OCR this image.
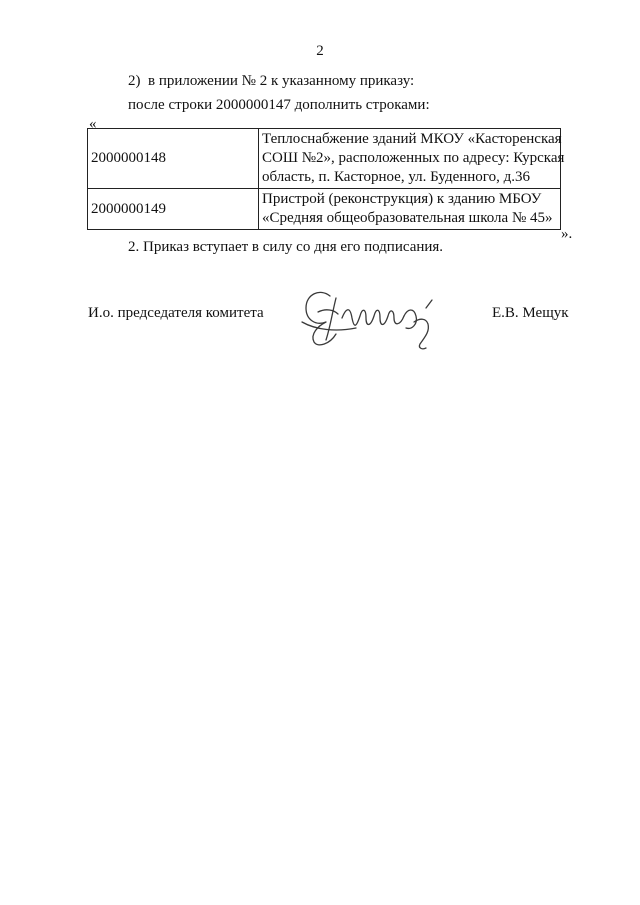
2
2) в приложении № 2 к указанному приказу:
после строки 2000000147 дополнить строками:
«
2000000148	Теплоснабжение зданий МКОУ «Касторенская
СОШ №2», расположенных по адресу: Курская
область, п. Касторное, ул. Буденного, д.36

2000000149	Пристрой (реконструкция) к зданию МБОУ
«Средняя общеобразовательная школа № 45»
».
2. Приказ вступает в силу со дня его подписания.
И.о. председателя комитета	Е.В. Мещук
